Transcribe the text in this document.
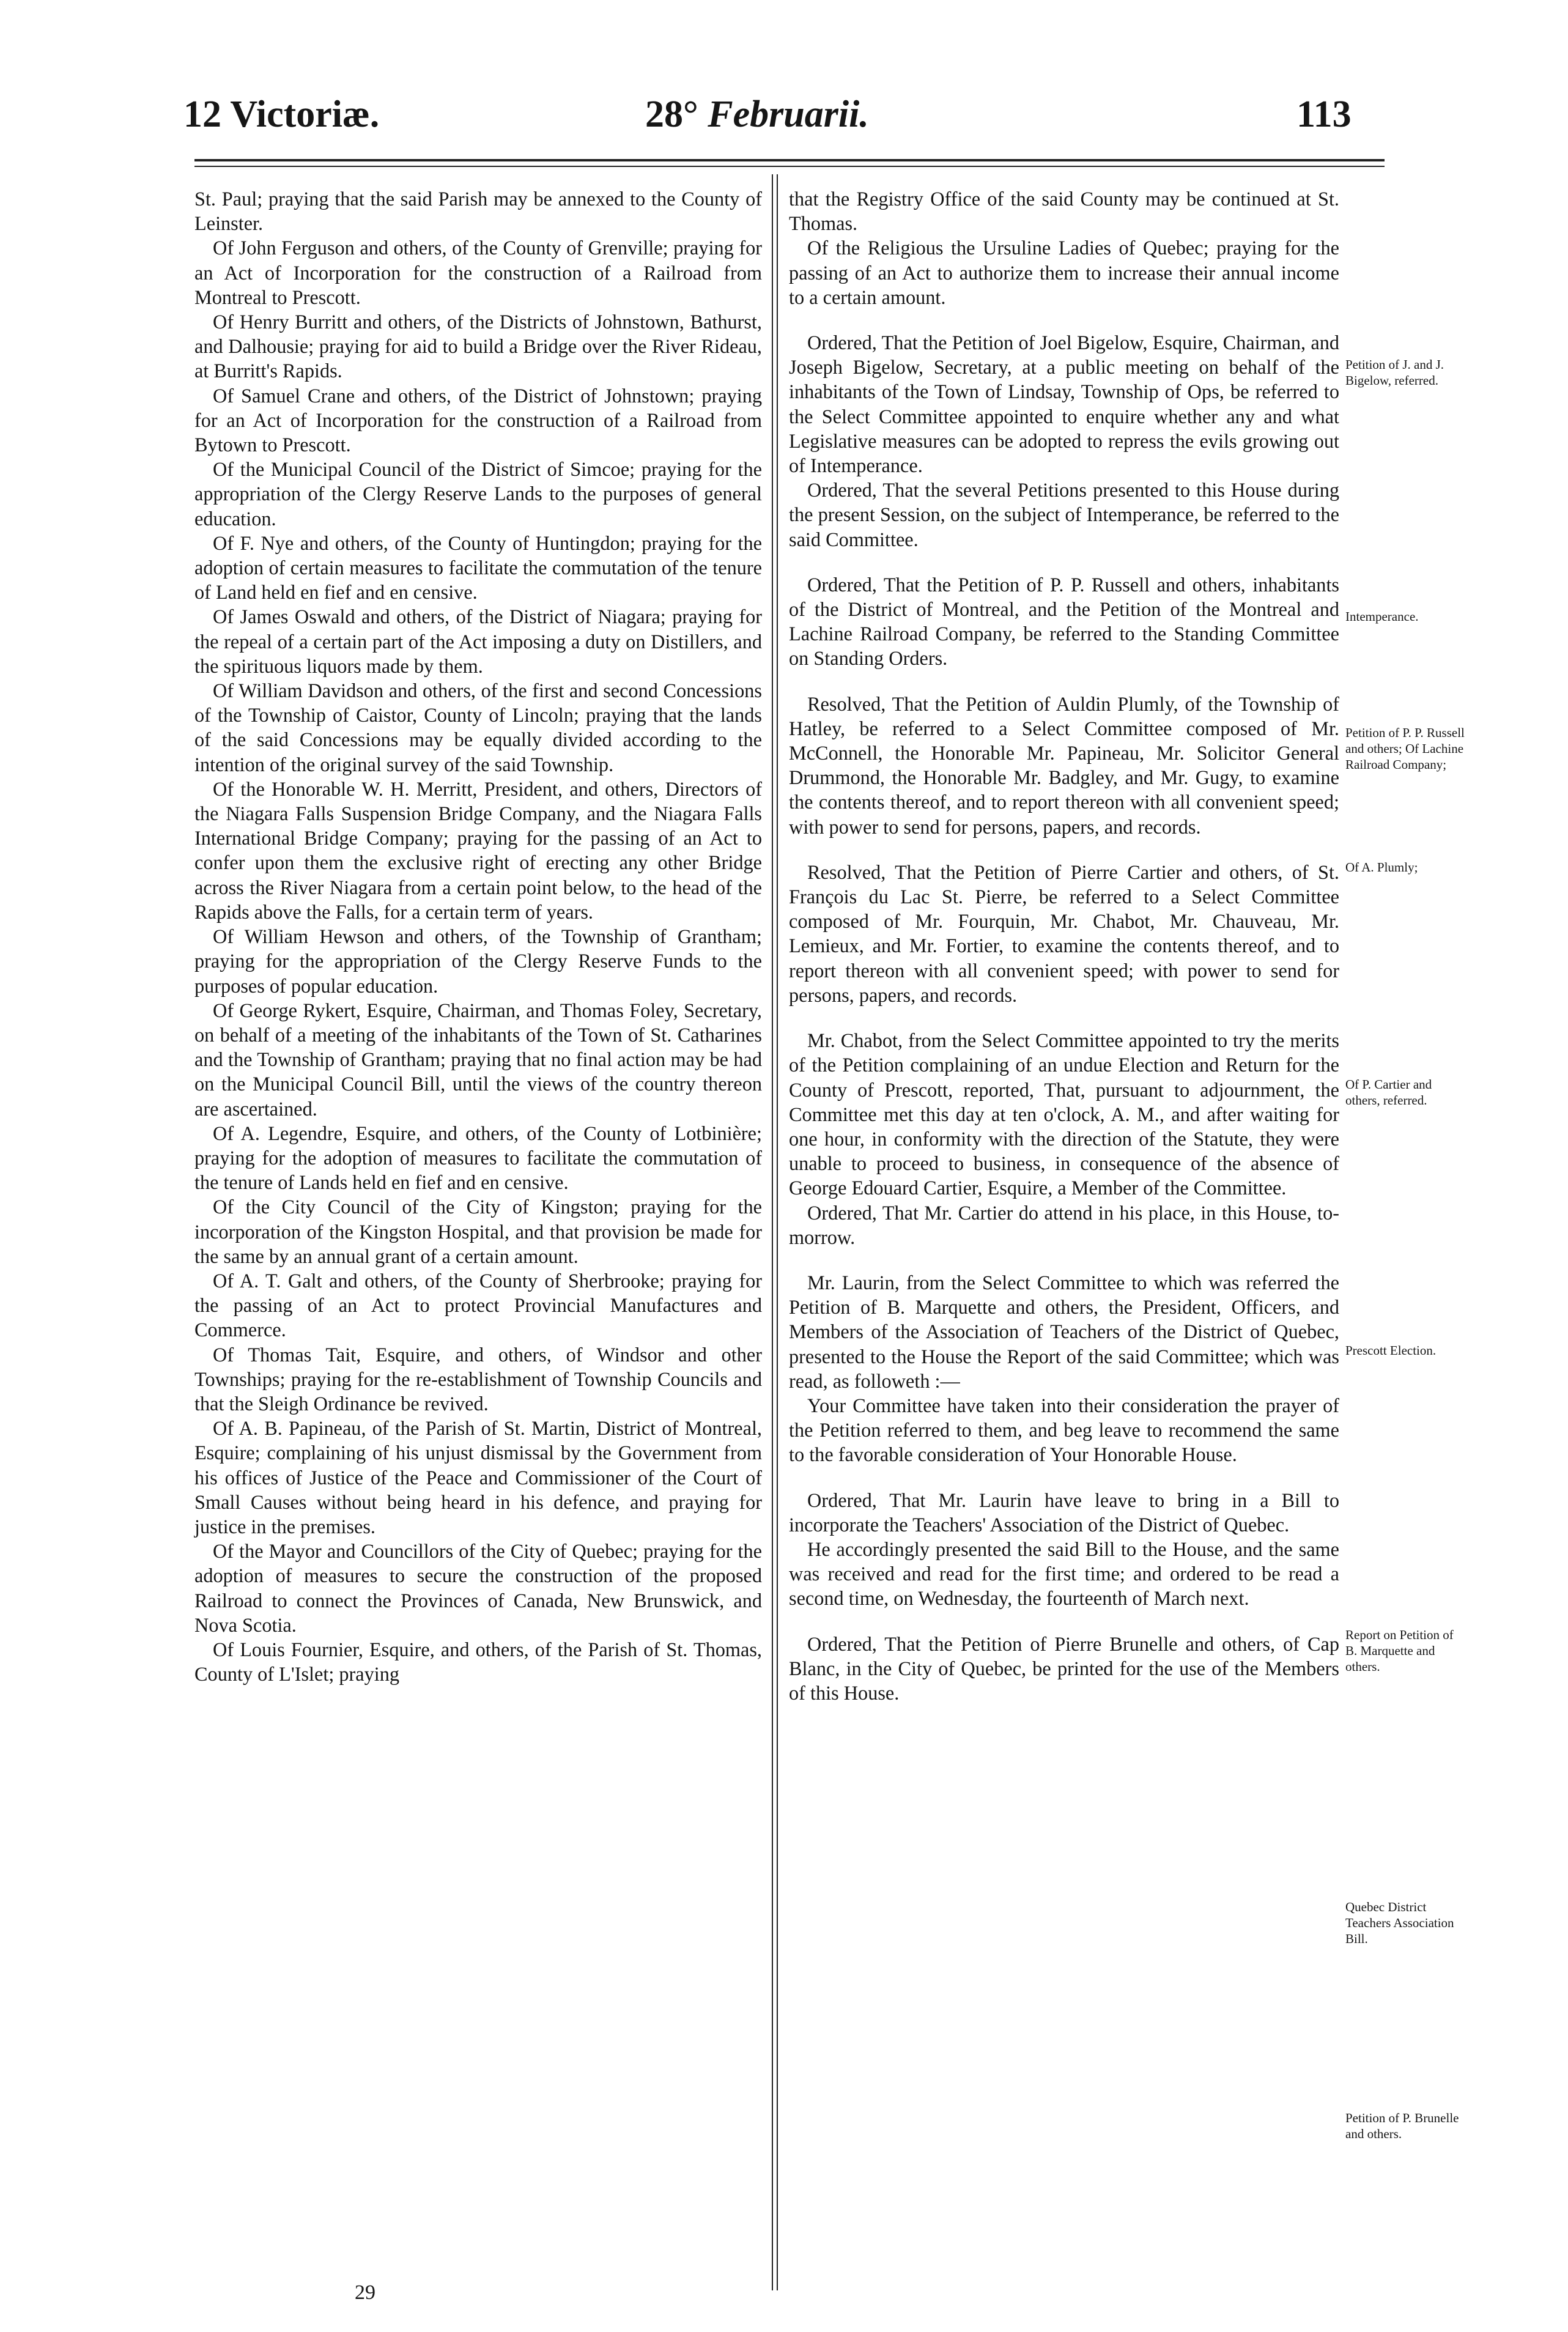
12 Victoriæ.	28° Februarii.	113

St. Paul; praying that the said Parish may be annexed to the County of Leinster.

Of John Ferguson and others, of the County of Grenville; praying for an Act of Incorporation for the construction of a Railroad from Montreal to Prescott.

Of Henry Burritt and others, of the Districts of Johnstown, Bathurst, and Dalhousie; praying for aid to build a Bridge over the River Rideau, at Burritt's Rapids.

Of Samuel Crane and others, of the District of Johnstown; praying for an Act of Incorporation for the construction of a Railroad from Bytown to Prescott.

Of the Municipal Council of the District of Simcoe; praying for the appropriation of the Clergy Reserve Lands to the purposes of general education.

Of F. Nye and others, of the County of Huntingdon; praying for the adoption of certain measures to facilitate the commutation of the tenure of Land held en fief and en censive.

Of James Oswald and others, of the District of Niagara; praying for the repeal of a certain part of the Act imposing a duty on Distillers, and the spirituous liquors made by them.

Of William Davidson and others, of the first and second Concessions of the Township of Caistor, County of Lincoln; praying that the lands of the said Concessions may be equally divided according to the intention of the original survey of the said Township.

Of the Honorable W. H. Merritt, President, and others, Directors of the Niagara Falls Suspension Bridge Company, and the Niagara Falls International Bridge Company; praying for the passing of an Act to confer upon them the exclusive right of erecting any other Bridge across the River Niagara from a certain point below, to the head of the Rapids above the Falls, for a certain term of years.

Of William Hewson and others, of the Township of Grantham; praying for the appropriation of the Clergy Reserve Funds to the purposes of popular education.

Of George Rykert, Esquire, Chairman, and Thomas Foley, Secretary, on behalf of a meeting of the inhabitants of the Town of St. Catharines and the Township of Grantham; praying that no final action may be had on the Municipal Council Bill, until the views of the country thereon are ascertained.

Of A. Legendre, Esquire, and others, of the County of Lotbinière; praying for the adoption of measures to facilitate the commutation of the tenure of Lands held en fief and en censive.

Of the City Council of the City of Kingston; praying for the incorporation of the Kingston Hospital, and that provision be made for the same by an annual grant of a certain amount.

Of A. T. Galt and others, of the County of Sherbrooke; praying for the passing of an Act to protect Provincial Manufactures and Commerce.

Of Thomas Tait, Esquire, and others, of Windsor and other Townships; praying for the re-establishment of Township Councils and that the Sleigh Ordinance be revived.

Of A. B. Papineau, of the Parish of St. Martin, District of Montreal, Esquire; complaining of his unjust dismissal by the Government from his offices of Justice of the Peace and Commissioner of the Court of Small Causes without being heard in his defence, and praying for justice in the premises.

Of the Mayor and Councillors of the City of Quebec; praying for the adoption of measures to secure the construction of the proposed Railroad to connect the Provinces of Canada, New Brunswick, and Nova Scotia.

Of Louis Fournier, Esquire, and others, of the Parish of St. Thomas, County of L'Islet; praying

that the Registry Office of the said County may be continued at St. Thomas.

Of the Religious the Ursuline Ladies of Quebec; praying for the passing of an Act to authorize them to increase their annual income to a certain amount.

Ordered, That the Petition of Joel Bigelow, Esquire, Chairman, and Joseph Bigelow, Secretary, at a public meeting on behalf of the inhabitants of the Town of Lindsay, Township of Ops, be referred to the Select Committee appointed to enquire whether any and what Legislative measures can be adopted to repress the evils growing out of Intemperance.

Ordered, That the several Petitions presented to this House during the present Session, on the subject of Intemperance, be referred to the said Committee.

Ordered, That the Petition of P. P. Russell and others, inhabitants of the District of Montreal, and the Petition of the Montreal and Lachine Railroad Company, be referred to the Standing Committee on Standing Orders.

Resolved, That the Petition of Auldin Plumly, of the Township of Hatley, be referred to a Select Committee composed of Mr. McConnell, the Honorable Mr. Papineau, Mr. Solicitor General Drummond, the Honorable Mr. Badgley, and Mr. Gugy, to examine the contents thereof, and to report thereon with all convenient speed; with power to send for persons, papers, and records.

Resolved, That the Petition of Pierre Cartier and others, of St. François du Lac St. Pierre, be referred to a Select Committee composed of Mr. Fourquin, Mr. Chabot, Mr. Chauveau, Mr. Lemieux, and Mr. Fortier, to examine the contents thereof, and to report thereon with all convenient speed; with power to send for persons, papers, and records.

Mr. Chabot, from the Select Committee appointed to try the merits of the Petition complaining of an undue Election and Return for the County of Prescott, reported, That, pursuant to adjournment, the Committee met this day at ten o'clock, A. M., and after waiting for one hour, in conformity with the direction of the Statute, they were unable to proceed to business, in consequence of the absence of George Edouard Cartier, Esquire, a Member of the Committee.

Ordered, That Mr. Cartier do attend in his place, in this House, to-morrow.

Mr. Laurin, from the Select Committee to which was referred the Petition of B. Marquette and others, the President, Officers, and Members of the Association of Teachers of the District of Quebec, presented to the House the Report of the said Committee; which was read, as followeth :—

Your Committee have taken into their consideration the prayer of the Petition referred to them, and beg leave to recommend the same to the favorable consideration of Your Honorable House.

Ordered, That Mr. Laurin have leave to bring in a Bill to incorporate the Teachers' Association of the District of Quebec.

He accordingly presented the said Bill to the House, and the same was received and read for the first time; and ordered to be read a second time, on Wednesday, the fourteenth of March next.

Ordered, That the Petition of Pierre Brunelle and others, of Cap Blanc, in the City of Quebec, be printed for the use of the Members of this House.

Petition of J. and J. Bigelow, referred.
Intemperance.
Petition of P. P. Russell and others; Of Lachine Railroad Company;
Of A. Plumly;
Of P. Cartier and others, referred.
Prescott Election.
Report on Petition of B. Marquette and others.
Quebec District Teachers Association Bill.
Petition of P. Brunelle and others.
29
